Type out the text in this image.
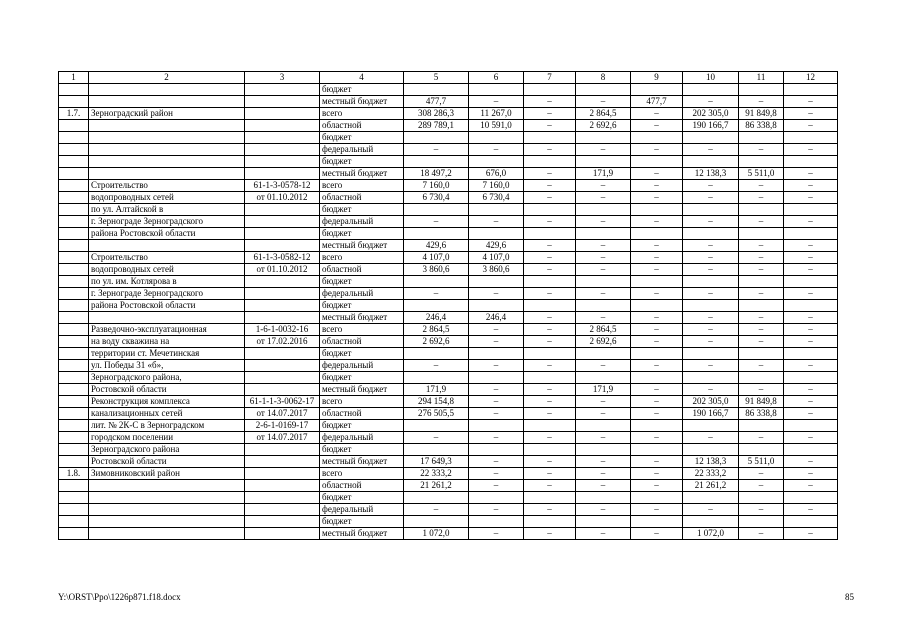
1	2	3	4	5	6	7	8	9	10	11	12
			бюджет								
			местный бюджет	477,7	–	–	–	477,7	–	–	–
1.7.	Зерноградский район		всего	308 286,3	11 267,0	–	2 864,5	–	202 305,0	91 849,8	–
			областной	289 789,1	10 591,0	–	2 692,6	–	190 166,7	86 338,8	–
			бюджет								
			федеральный	–	–	–	–	–	–	–	–
			бюджет								
			местный бюджет	18 497,2	676,0	–	171,9	–	12 138,3	5 511,0	–
	Строительство	61-1-3-0578-12	всего	7 160,0	7 160,0	–	–	–	–	–	–
	водопроводных сетей	от 01.10.2012	областной	6 730,4	6 730,4	–	–	–	–	–	–
	по ул. Алтайской в		бюджет								
	г. Зернограде Зерноградского		федеральный	–	–	–	–	–	–	–	–
	района Ростовской области		бюджет								
			местный бюджет	429,6	429,6	–	–	–	–	–	–
	Строительство	61-1-3-0582-12	всего	4 107,0	4 107,0	–	–	–	–	–	–
	водопроводных сетей	от 01.10.2012	областной	3 860,6	3 860,6	–	–	–	–	–	–
	по ул. им. Котлярова в		бюджет								
	г. Зернограде Зерноградского		федеральный	–	–	–	–	–	–	–	–
	района Ростовской области		бюджет								
			местный бюджет	246,4	246,4	–	–	–	–	–	–
	Разведочно-эксплуатационная	1-6-1-0032-16	всего	2 864,5	–	–	2 864,5	–	–	–	–
	на воду скважина на	от 17.02.2016	областной	2 692,6	–	–	2 692,6	–	–	–	–
	территории ст. Мечетинская		бюджет								
	ул. Победы 31 «б»,		федеральный	–	–	–	–	–	–	–	–
	Зерноградского района,		бюджет								
	Ростовской области		местный бюджет	171,9	–	–	171,9	–	–	–	–
	Реконструкция комплекса	61-1-1-3-0062-17	всего	294 154,8	–	–	–	–	202 305,0	91 849,8	–
	канализационных сетей	от 14.07.2017	областной	276 505,5	–	–	–	–	190 166,7	86 338,8	–
	лит. № 2К-С в Зерноградском	2-6-1-0169-17	бюджет								
	городском поселении	от 14.07.2017	федеральный	–	–	–	–	–	–	–	–
	Зерноградского района		бюджет								
	Ростовской области		местный бюджет	17 649,3	–	–	–	–	12 138,3	5 511,0	–
1.8.	Зимовниковский район		всего	22 333,2	–	–	–	–	22 333,2	–	–
			областной	21 261,2	–	–	–	–	21 261,2	–	–
			бюджет								
			федеральный	–	–	–	–	–	–	–	–
			бюджет								
			местный бюджет	1 072,0	–	–	–	–	1 072,0	–	–
Y:\ORST\Ppo\1226p871.f18.docx	85
